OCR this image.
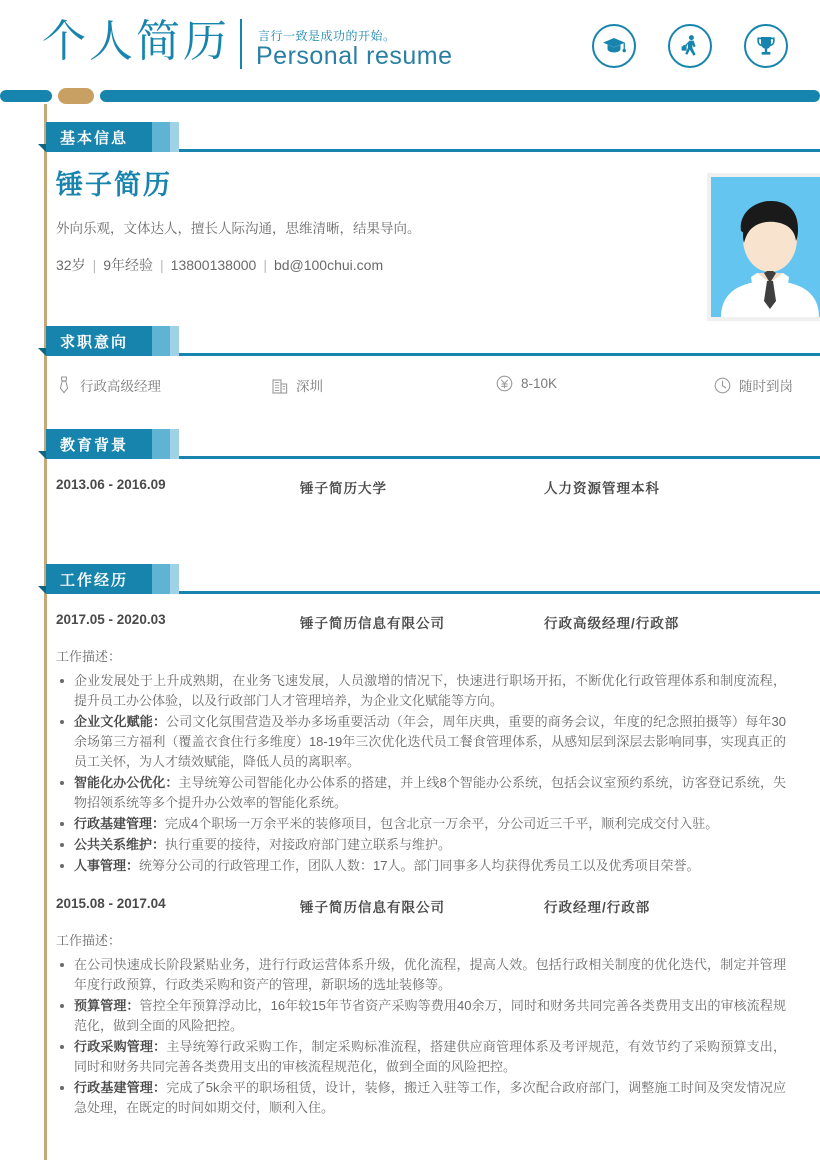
个人简历 言行一致是成功的开始。
Personal resume
基本信息
锤子简历
外向乐观，文体达人，擅长人际沟通，思维清晰，结果导向。
32岁 | 9年经验 | 13800138000 | bd@100chui.com
求职意向
行政高级经理	深圳	8-10K	随时到岗
教育背景
2013.06 - 2016.09	锤子简历大学	人力资源管理本科
工作经历
2017.05 - 2020.03	锤子简历信息有限公司	行政高级经理/行政部
工作描述：
企业发展处于上升成熟期，在业务飞速发展，人员激增的情况下，快速进行职场开拓，不断优化行政管理体系和制度流程，提升员工办公体验，以及行政部门人才管理培养，为企业文化赋能等方向。
企业文化赋能：公司文化氛围营造及举办多场重要活动（年会，周年庆典，重要的商务会议，年度的纪念照拍摄等）每年30余场第三方福利（覆盖衣食住行多维度）18-19年三次优化迭代员工餐食管理体系，从感知层到深层去影响同事，实现真正的员工关怀，为人才绩效赋能，降低人员的离职率。
智能化办公优化：主导统筹公司智能化办公体系的搭建，并上线8个智能办公系统，包括会议室预约系统，访客登记系统，失物招领系统等多个提升办公效率的智能化系统。
行政基建管理：完成4个职场一万余平米的装修项目，包含北京一万余平，分公司近三千平，顺利完成交付入驻。
公共关系维护：执行重要的接待，对接政府部门建立联系与维护。
人事管理：统筹分公司的行政管理工作，团队人数：17人。部门同事多人均获得优秀员工以及优秀项目荣誉。
2015.08 - 2017.04	锤子简历信息有限公司	行政经理/行政部
工作描述：
在公司快速成长阶段紧贴业务，进行行政运营体系升级，优化流程，提高人效。包括行政相关制度的优化迭代，制定并管理年度行政预算，行政类采购和资产的管理，新职场的选址装修等。
预算管理：管控全年预算浮动比，16年较15年节省资产采购等费用40余万，同时和财务共同完善各类费用支出的审核流程规范化，做到全面的风险把控。
行政采购管理：主导统筹行政采购工作，制定采购标准流程，搭建供应商管理体系及考评规范，有效节约了采购预算支出，同时和财务共同完善各类费用支出的审核流程规范化，做到全面的风险把控。
行政基建管理：完成了5k余平的职场租赁，设计，装修，搬迁入驻等工作，多次配合政府部门，调整施工时间及突发情况应急处理，在既定的时间如期交付，顺利入住。
